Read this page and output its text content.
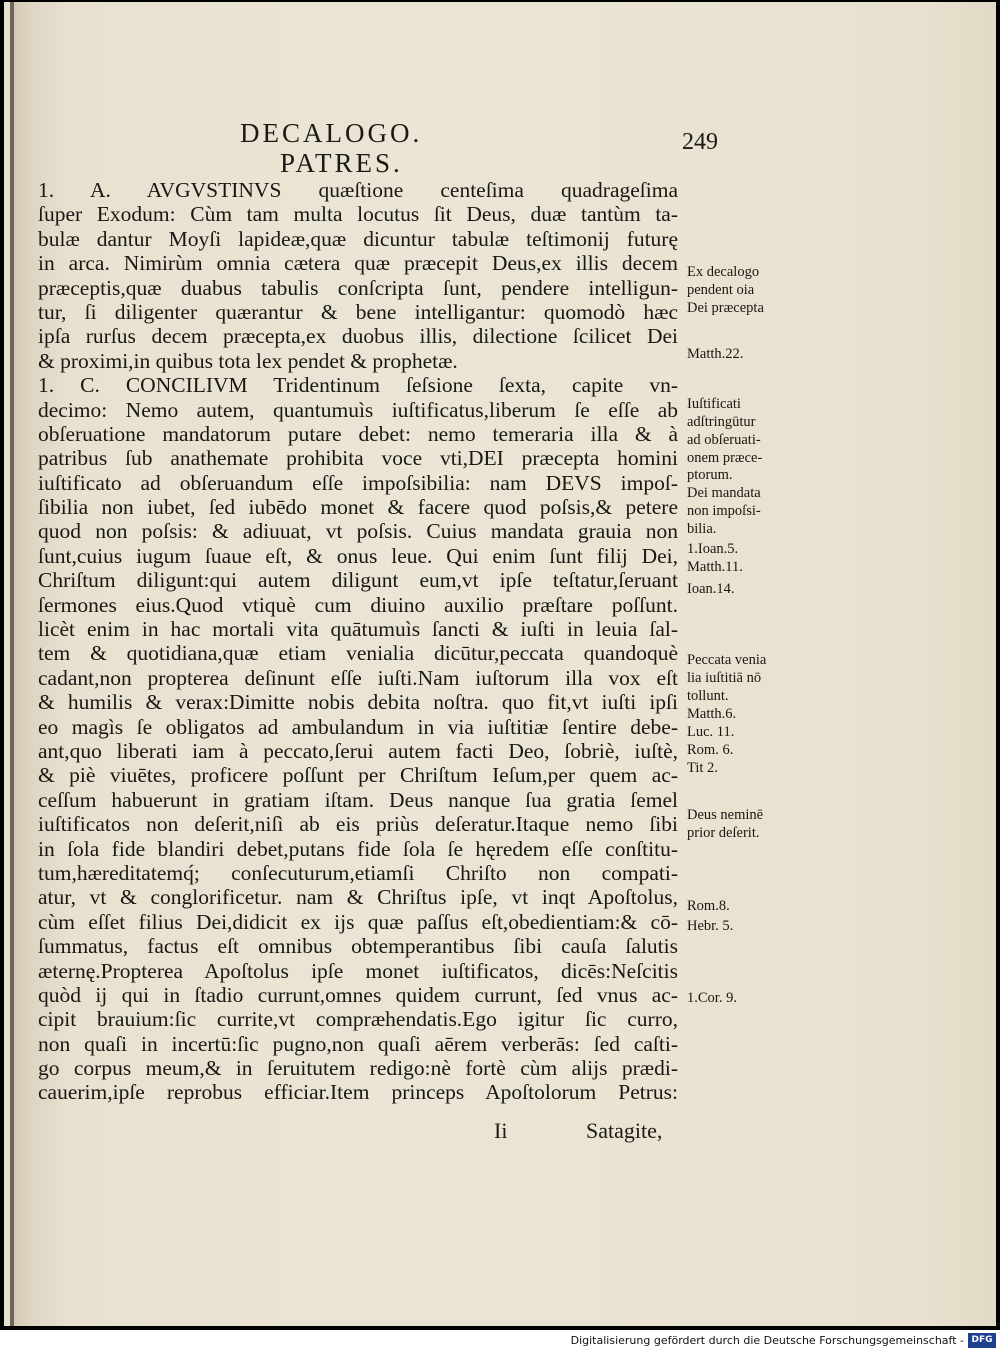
DECALOGO.
PATRES.
249
1. A. AVGVSTINVS quæſtione centeſima quadrageſima
ſuper Exodum: Cùm tam multa locutus ſit Deus, duæ tantùm ta-
bulæ dantur Moyſi lapideæ,quæ dicuntur tabulæ teſtimonij futurę
in arca. Nimirùm omnia cætera quæ præcepit Deus,ex illis decem
præceptis,quæ duabus tabulis conſcripta ſunt, pendere intelligun-
tur, ſi diligenter quærantur & bene intelligantur: quomodò hæc
ipſa rurſus decem præcepta,ex duobus illis, dilectione ſcilicet Dei
& proximi,in quibus tota lex pendet & prophetæ.
1. C. CONCILIVM Tridentinum ſeſsione ſexta, capite vn-
decimo: Nemo autem, quantumuìs iuſtificatus,liberum ſe eſſe ab
obſeruatione mandatorum putare debet: nemo temeraria illa & à
patribus ſub anathemate prohibita voce vti,DEI præcepta homini
iuſtificato ad obſeruandum eſſe impoſsibilia: nam DEVS impoſ-
ſibilia non iubet, ſed iubēdo monet & facere quod poſsis,& petere
quod non poſsis: & adiuuat, vt poſsis. Cuius mandata grauia non
ſunt,cuius iugum ſuaue eſt, & onus leue. Qui enim ſunt filij Dei,
Chriſtum diligunt:qui autem diligunt eum,vt ipſe teſtatur,ſeruant
ſermones eius.Quod vtiquè cum diuino auxilio præſtare poſſunt.
licèt enim in hac mortali vita quātumuìs ſancti & iuſti in leuia ſal-
tem & quotidiana,quæ etiam venialia dicūtur,peccata quandoquè
cadant,non propterea deſinunt eſſe iuſti.Nam iuſtorum illa vox eſt
& humilis & verax:Dimitte nobis debita noſtra. quo fit,vt iuſti ipſi
eo magìs ſe obligatos ad ambulandum in via iuſtitiæ ſentire debe-
ant,quo liberati iam à peccato,ſerui autem facti Deo, ſobriè, iuſtè,
& piè viuētes, proficere poſſunt per Chriſtum Ieſum,per quem ac-
ceſſum habuerunt in gratiam iſtam. Deus nanque ſua gratia ſemel
iuſtificatos non deſerit,niſì ab eis priùs deſeratur.Itaque nemo ſibi
in ſola fide blandiri debet,putans fide ſola ſe hęredem eſſe conſtitu-
tum,hæreditatemq́; conſecuturum,etiamſi Chriſto non compati-
atur, vt & conglorificetur. nam & Chriſtus ipſe, vt inqt Apoſtolus,
cùm eſſet filius Dei,didicit ex ijs quæ paſſus eſt,obedientiam:& cō-
ſummatus, factus eſt omnibus obtemperantibus ſibi cauſa ſalutis
æternę.Propterea Apoſtolus ipſe monet iuſtificatos, dicēs:Neſcitis
quòd ij qui in ſtadio currunt,omnes quidem currunt, ſed vnus ac-
cipit brauium:ſic currite,vt compræhendatis.Ego igitur ſic curro,
non quaſi in incertū:ſic pugno,non quaſi aērem verberās: ſed caſti-
go corpus meum,& in ſeruitutem redigo:nè fortè cùm alijs prædi-
cauerim,ipſe reprobus efficiar.Item princeps Apoſtolorum Petrus:
Ex decalogo
pendent oia
Dei præcepta
Matth.22.
Iuſtificati
adſtringūtur
ad obſeruati-
onem præce-
ptorum.
Dei mandata
non impoſsi-
bilia.
1.Ioan.5.
Matth.11.
Ioan.14.
Peccata venia
lia iuſtitiā nō
tollunt.
Matth.6.
Luc. 11.
Rom. 6.
Tit 2.
Deus neminē
prior deſerit.
Rom.8.
Hebr. 5.
1.Cor. 9.
Ii	Satagite,
Digitalisierung gefördert durch die Deutsche Forschungsgemeinschaft - DFG
